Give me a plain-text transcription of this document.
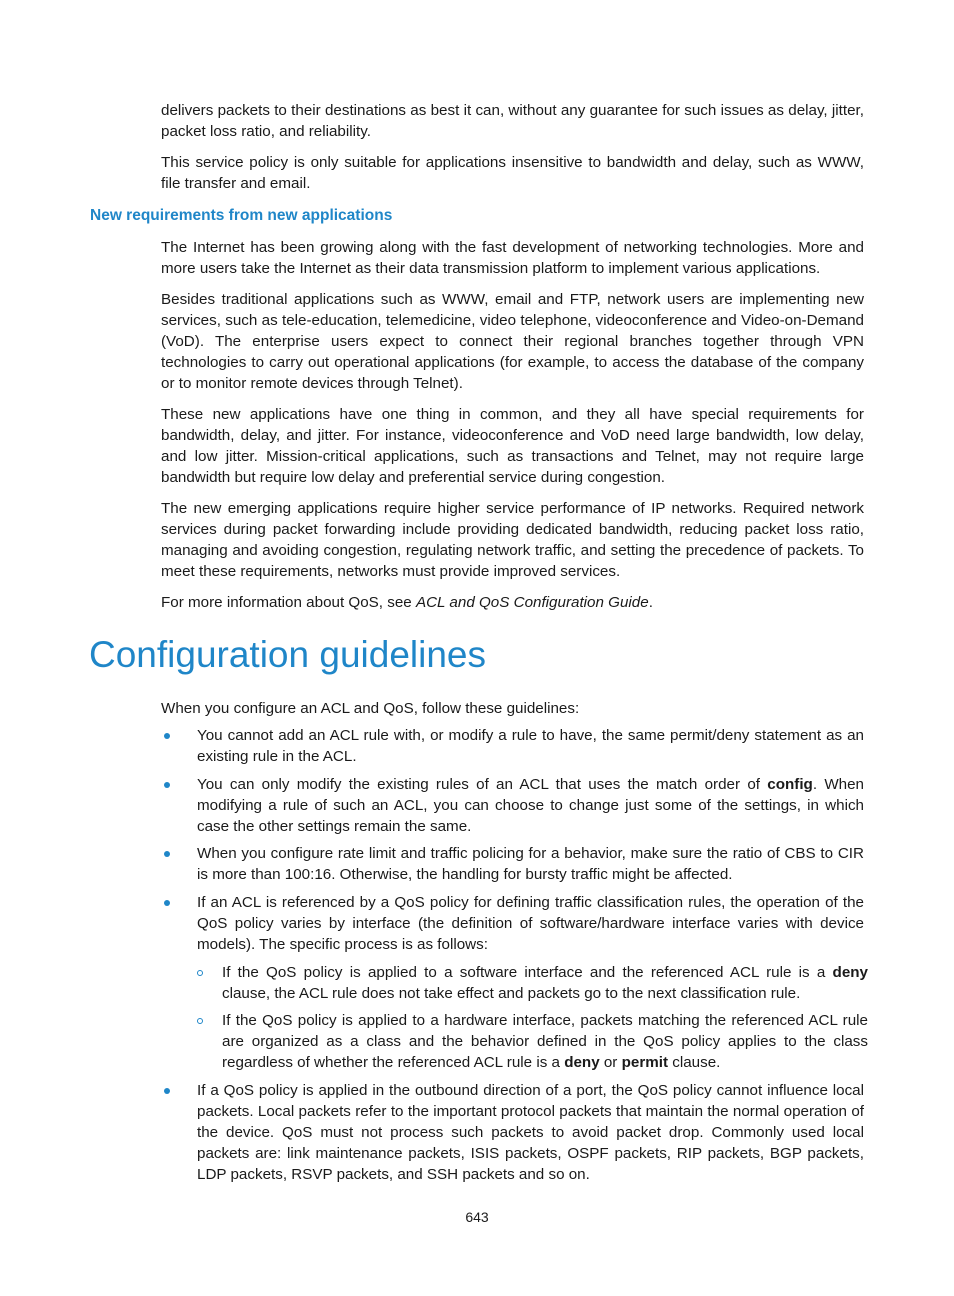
delivers packets to their destinations as best it can, without any guarantee for such issues as delay, jitter, packet loss ratio, and reliability.

This service policy is only suitable for applications insensitive to bandwidth and delay, such as WWW, file transfer and email.

New requirements from new applications

The Internet has been growing along with the fast development of networking technologies. More and more users take the Internet as their data transmission platform to implement various applications.

Besides traditional applications such as WWW, email and FTP, network users are implementing new services, such as tele-education, telemedicine, video telephone, videoconference and Video-on-Demand (VoD). The enterprise users expect to connect their regional branches together through VPN technologies to carry out operational applications (for example, to access the database of the company or to monitor remote devices through Telnet).

These new applications have one thing in common, and they all have special requirements for bandwidth, delay, and jitter. For instance, videoconference and VoD need large bandwidth, low delay, and low jitter. Mission-critical applications, such as transactions and Telnet, may not require large bandwidth but require low delay and preferential service during congestion.

The new emerging applications require higher service performance of IP networks. Required network services during packet forwarding include providing dedicated bandwidth, reducing packet loss ratio, managing and avoiding congestion, regulating network traffic, and setting the precedence of packets. To meet these requirements, networks must provide improved services.

For more information about QoS, see ACL and QoS Configuration Guide.

Configuration guidelines

When you configure an ACL and QoS, follow these guidelines:

You cannot add an ACL rule with, or modify a rule to have, the same permit/deny statement as an existing rule in the ACL.

You can only modify the existing rules of an ACL that uses the match order of config. When modifying a rule of such an ACL, you can choose to change just some of the settings, in which case the other settings remain the same.

When you configure rate limit and traffic policing for a behavior, make sure the ratio of CBS to CIR is more than 100:16. Otherwise, the handling for bursty traffic might be affected.

If an ACL is referenced by a QoS policy for defining traffic classification rules, the operation of the QoS policy varies by interface (the definition of software/hardware interface varies with device models). The specific process is as follows:

If the QoS policy is applied to a software interface and the referenced ACL rule is a deny clause, the ACL rule does not take effect and packets go to the next classification rule.

If the QoS policy is applied to a hardware interface, packets matching the referenced ACL rule are organized as a class and the behavior defined in the QoS policy applies to the class regardless of whether the referenced ACL rule is a deny or permit clause.

If a QoS policy is applied in the outbound direction of a port, the QoS policy cannot influence local packets. Local packets refer to the important protocol packets that maintain the normal operation of the device. QoS must not process such packets to avoid packet drop. Commonly used local packets are: link maintenance packets, ISIS packets, OSPF packets, RIP packets, BGP packets, LDP packets, RSVP packets, and SSH packets and so on.

643
